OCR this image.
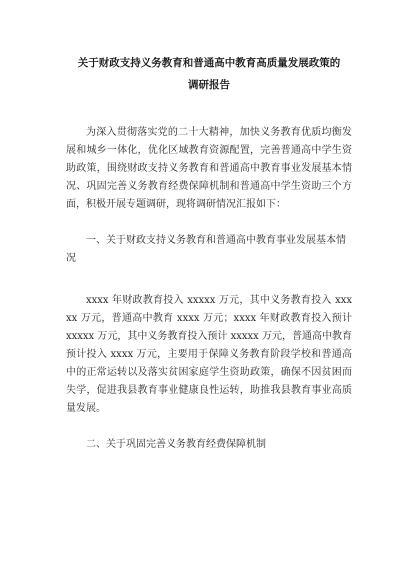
关于财政支持义务教育和普通高中教育高质量发展政策的
调研报告

为深入贯彻落实党的二十大精神，加快义务教育优质均衡发展和城乡一体化，优化区域教育资源配置，完善普通高中学生资助政策，围绕财政支持义务教育和普通高中教育事业发展基本情况、巩固完善义务教育经费保障机制和普通高中学生资助三个方面，积极开展专题调研，现将调研情况汇报如下：

一、关于财政支持义务教育和普通高中教育事业发展基本情况

xxxx 年财政教育投入 xxxxx 万元，其中义务教育投入 xxxxx 万元，普通高中教育 xxxx 万元；xxxx 年财政教育投入预计 xxxxx 万元，其中义务教育投入预计 xxxxx 万元，普通高中教育预计投入 xxxx 万元，主要用于保障义务教育阶段学校和普通高中的正常运转以及落实贫困家庭学生资助政策，确保不因贫困而失学，促进我县教育事业健康良性运转，助推我县教育事业高质量发展。

二、关于巩固完善义务教育经费保障机制
